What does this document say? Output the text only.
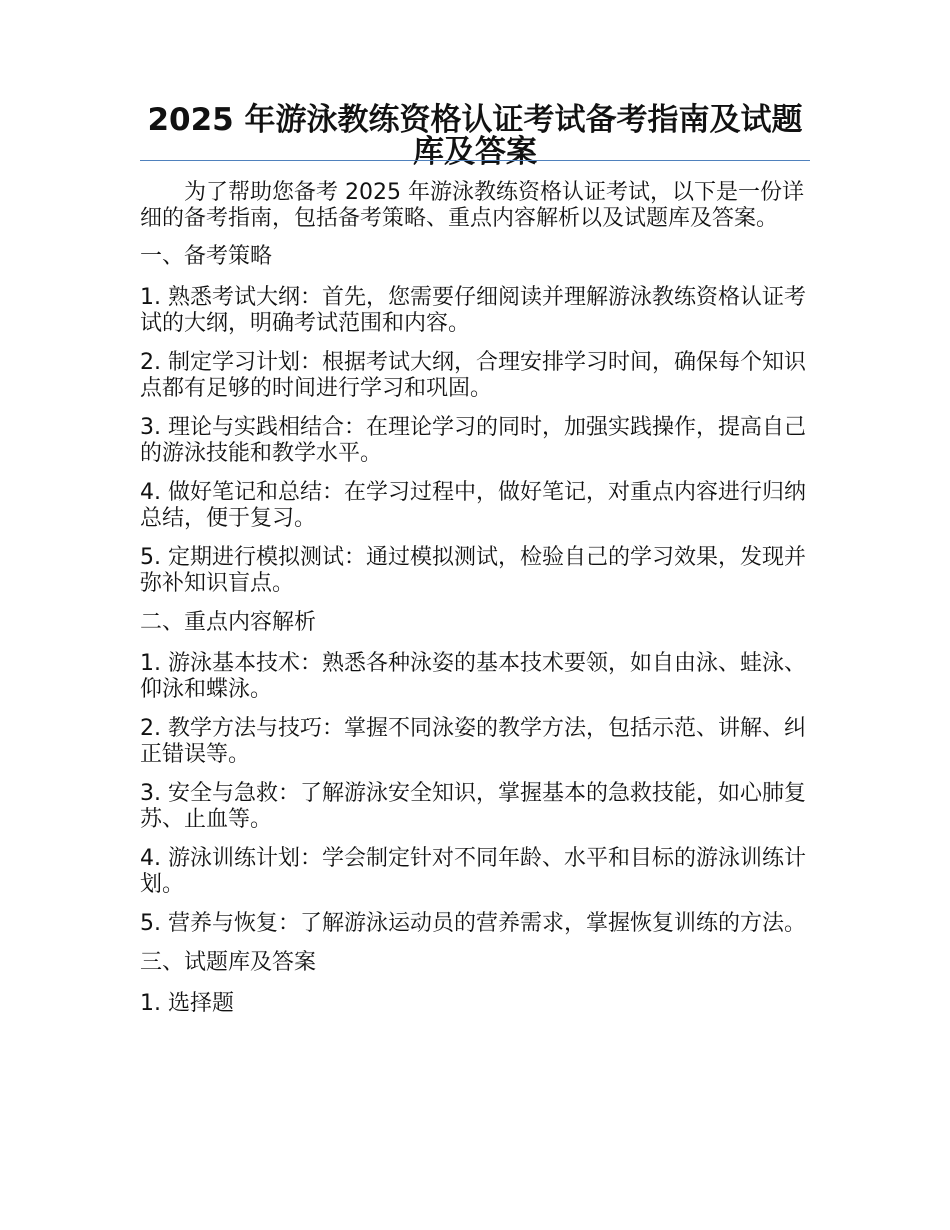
2025 年游泳教练资格认证考试备考指南及试题库及答案

为了帮助您备考 2025 年游泳教练资格认证考试，以下是一份详细的备考指南，包括备考策略、重点内容解析以及试题库及答案。

一、备考策略

1. 熟悉考试大纲：首先，您需要仔细阅读并理解游泳教练资格认证考试的大纲，明确考试范围和内容。

2. 制定学习计划：根据考试大纲，合理安排学习时间，确保每个知识点都有足够的时间进行学习和巩固。

3. 理论与实践相结合：在理论学习的同时，加强实践操作，提高自己的游泳技能和教学水平。

4. 做好笔记和总结：在学习过程中，做好笔记，对重点内容进行归纳总结，便于复习。

5. 定期进行模拟测试：通过模拟测试，检验自己的学习效果，发现并弥补知识盲点。

二、重点内容解析

1. 游泳基本技术：熟悉各种泳姿的基本技术要领，如自由泳、蛙泳、仰泳和蝶泳。

2. 教学方法与技巧：掌握不同泳姿的教学方法，包括示范、讲解、纠正错误等。

3. 安全与急救：了解游泳安全知识，掌握基本的急救技能，如心肺复苏、止血等。

4. 游泳训练计划：学会制定针对不同年龄、水平和目标的游泳训练计划。

5. 营养与恢复：了解游泳运动员的营养需求，掌握恢复训练的方法。

三、试题库及答案

1. 选择题
